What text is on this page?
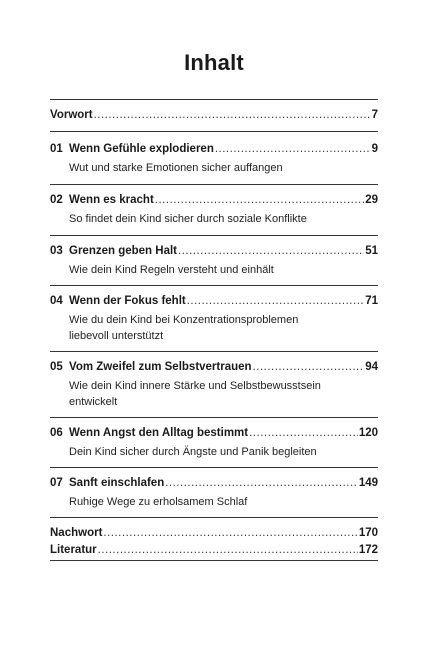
Inhalt
Vorwort .....	7
01 Wenn Gefühle explodieren .....	9
Wut und starke Emotionen sicher auffangen
02 Wenn es kracht .....	29
So findet dein Kind sicher durch soziale Konflikte
03 Grenzen geben Halt .....	51
Wie dein Kind Regeln versteht und einhält
04 Wenn der Fokus fehlt .....	71
Wie du dein Kind bei Konzentrationsproblemen liebevoll unterstützt
05 Vom Zweifel zum Selbstvertrauen .....	94
Wie dein Kind innere Stärke und Selbstbewusstsein entwickelt
06 Wenn Angst den Alltag bestimmt .....	120
Dein Kind sicher durch Ängste und Panik begleiten
07 Sanft einschlafen .....	149
Ruhige Wege zu erholsamem Schlaf
Nachwort .....	170
Literatur .....	172
